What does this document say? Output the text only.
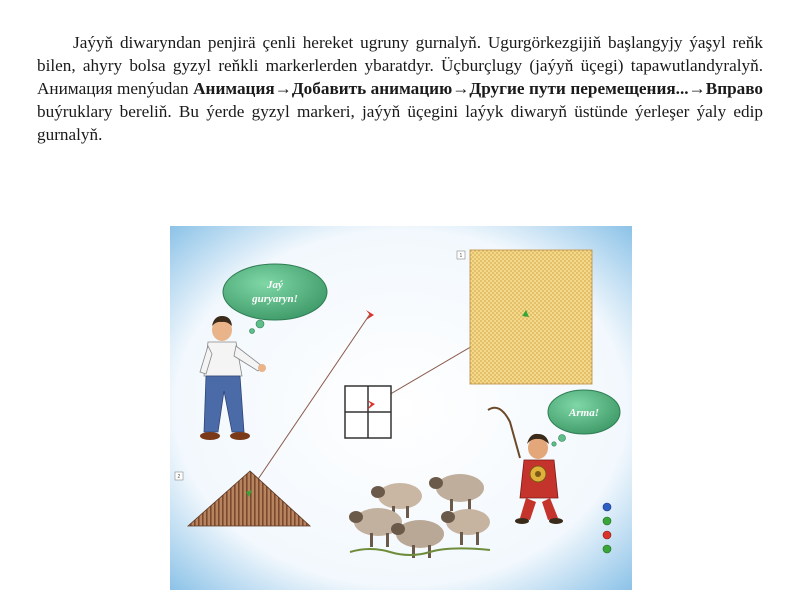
Jaýyň diwaryndan penjirä çenli hereket ugruny gurnalyň. Ugurgörkezgijiň başlangyjy ýaşyl reňk bilen, ahyry bolsa gyzyl reňkli markerlerden ybaratdyr. Üçburçlugy (jaýyň üçegi) tapawutlandyralyň. Анимация menýudan Анимация→Добавить анимацию→Другие пути перемещения...→Вправо buýruklary bereliň. Bu ýerde gyzyl markeri, jaýyň üçegini laýyk diwaryň üstünde ýerleşer ýaly edip gurnalyň.

1
2
Jaý
guryaryn!
Arma!
